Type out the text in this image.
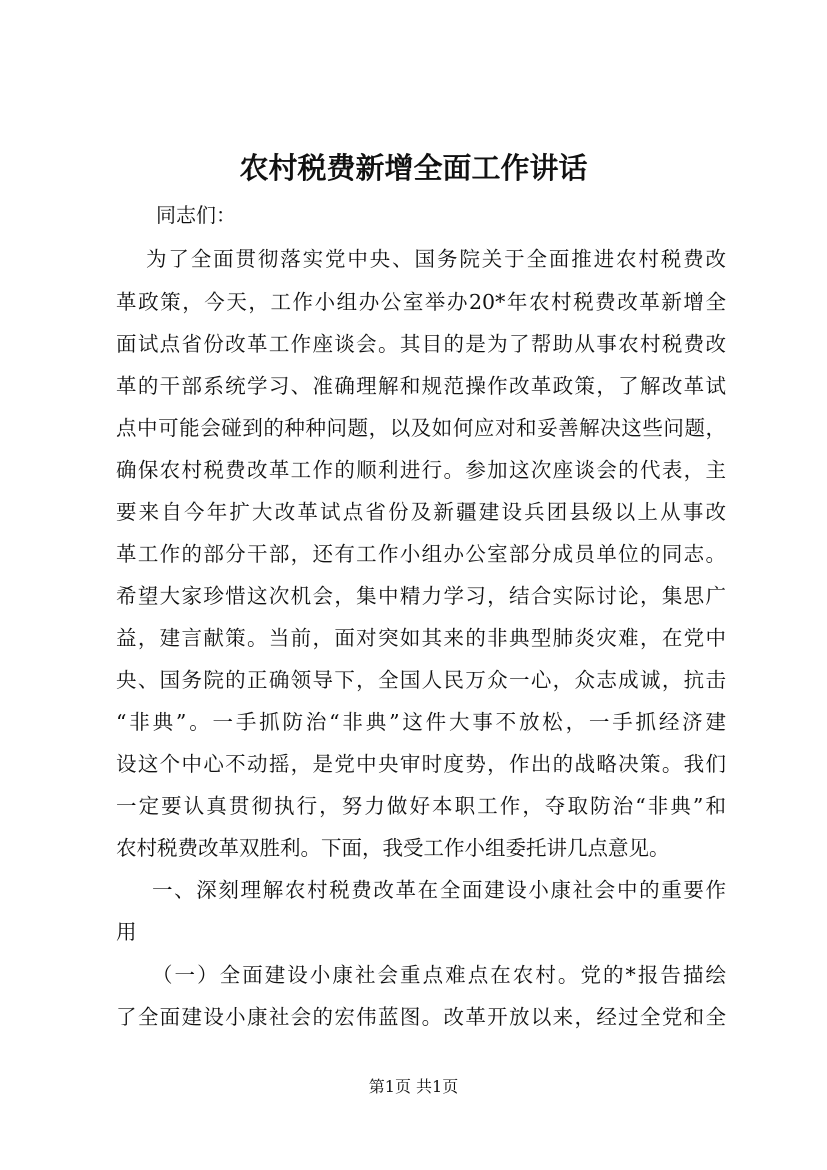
农村税费新增全面工作讲话
同志们：
为了全面贯彻落实党中央、国务院关于全面推进农村税费改
革政策，今天，工作小组办公室举办20*年农村税费改革新增全
面试点省份改革工作座谈会。其目的是为了帮助从事农村税费改
革的干部系统学习、准确理解和规范操作改革政策，了解改革试
点中可能会碰到的种种问题，以及如何应对和妥善解决这些问题，
确保农村税费改革工作的顺利进行。参加这次座谈会的代表，主
要来自今年扩大改革试点省份及新疆建设兵团县级以上从事改
革工作的部分干部，还有工作小组办公室部分成员单位的同志。
希望大家珍惜这次机会，集中精力学习，结合实际讨论，集思广
益，建言献策。当前，面对突如其来的非典型肺炎灾难，在党中
央、国务院的正确领导下，全国人民万众一心，众志成诚，抗击
“非典”。一手抓防治“非典”这件大事不放松，一手抓经济建
设这个中心不动摇，是党中央审时度势，作出的战略决策。我们
一定要认真贯彻执行，努力做好本职工作，夺取防治“非典”和
农村税费改革双胜利。下面，我受工作小组委托讲几点意见。
一、深刻理解农村税费改革在全面建设小康社会中的重要作
用
（一）全面建设小康社会重点难点在农村。党的*报告描绘
了全面建设小康社会的宏伟蓝图。改革开放以来，经过全党和全
第1页 共1页
